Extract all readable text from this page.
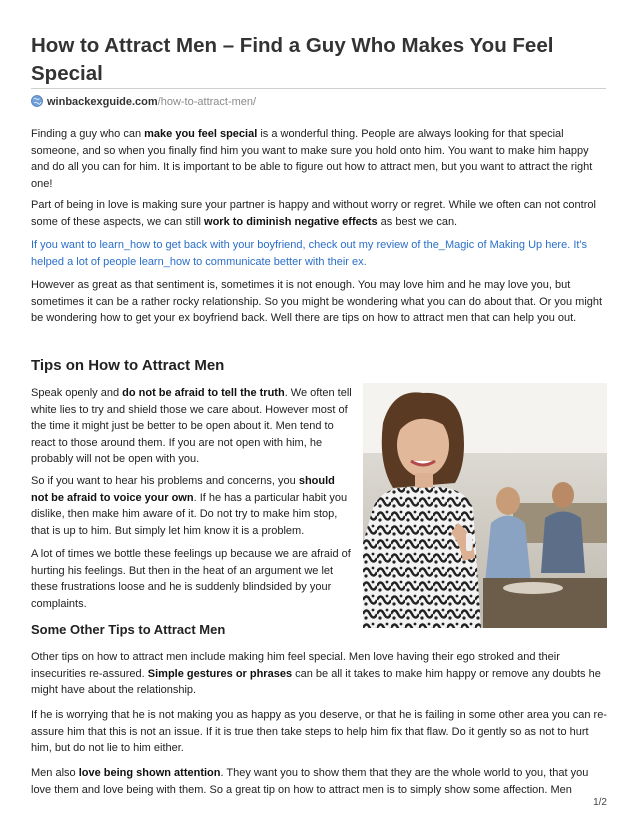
How to Attract Men – Find a Guy Who Makes You Feel Special
winbackexguide.com/how-to-attract-men/

Finding a guy who can make you feel special is a wonderful thing. People are always looking for that special someone, and so when you finally find him you want to make sure you hold onto him. You want to make him happy and do all you can for him. It is important to be able to figure out how to attract men, but you want to attract the right one!

Part of being in love is making sure your partner is happy and without worry or regret. While we often can not control some of these aspects, we can still work to diminish negative effects as best we can.

If you want to learn_how to get back with your boyfriend, check out my review of the_Magic of Making Up here. It's helped a lot of people learn_how to communicate better with their ex.

However as great as that sentiment is, sometimes it is not enough. You may love him and he may love you, but sometimes it can be a rather rocky relationship. So you might be wondering what you can do about that. Or you might be wondering how to get your ex boyfriend back. Well there are tips on how to attract men that can help you out.

Tips on How to Attract Men

Speak openly and do not be afraid to tell the truth. We often tell white lies to try and shield those we care about. However most of the time it might just be better to be open about it. Men tend to react to those around them. If you are not open with him, he probably will not be open with you.

So if you want to hear his problems and concerns, you should not be afraid to voice your own. If he has a particular habit you dislike, then make him aware of it. Do not try to make him stop, that is up to him. But simply let him know it is a problem.

A lot of times we bottle these feelings up because we are afraid of hurting his feelings. But then in the heat of an argument we let these frustrations loose and he is suddenly blindsided by your complaints.

Some Other Tips to Attract Men

Other tips on how to attract men include making him feel special. Men love having their ego stroked and their insecurities re-assured. Simple gestures or phrases can be all it takes to make him happy or remove any doubts he might have about the relationship.

If he is worrying that he is not making you as happy as you deserve, or that he is failing in some other area you can re-assure him that this is not an issue. If it is true then take steps to help him fix that flaw. Do it gently so as not to hurt him, but do not lie to him either.

Men also love being shown attention. They want you to show them that they are the whole world to you, that you love them and love being with them. So a great tip on how to attract men is to simply show some affection. Men

1/2
